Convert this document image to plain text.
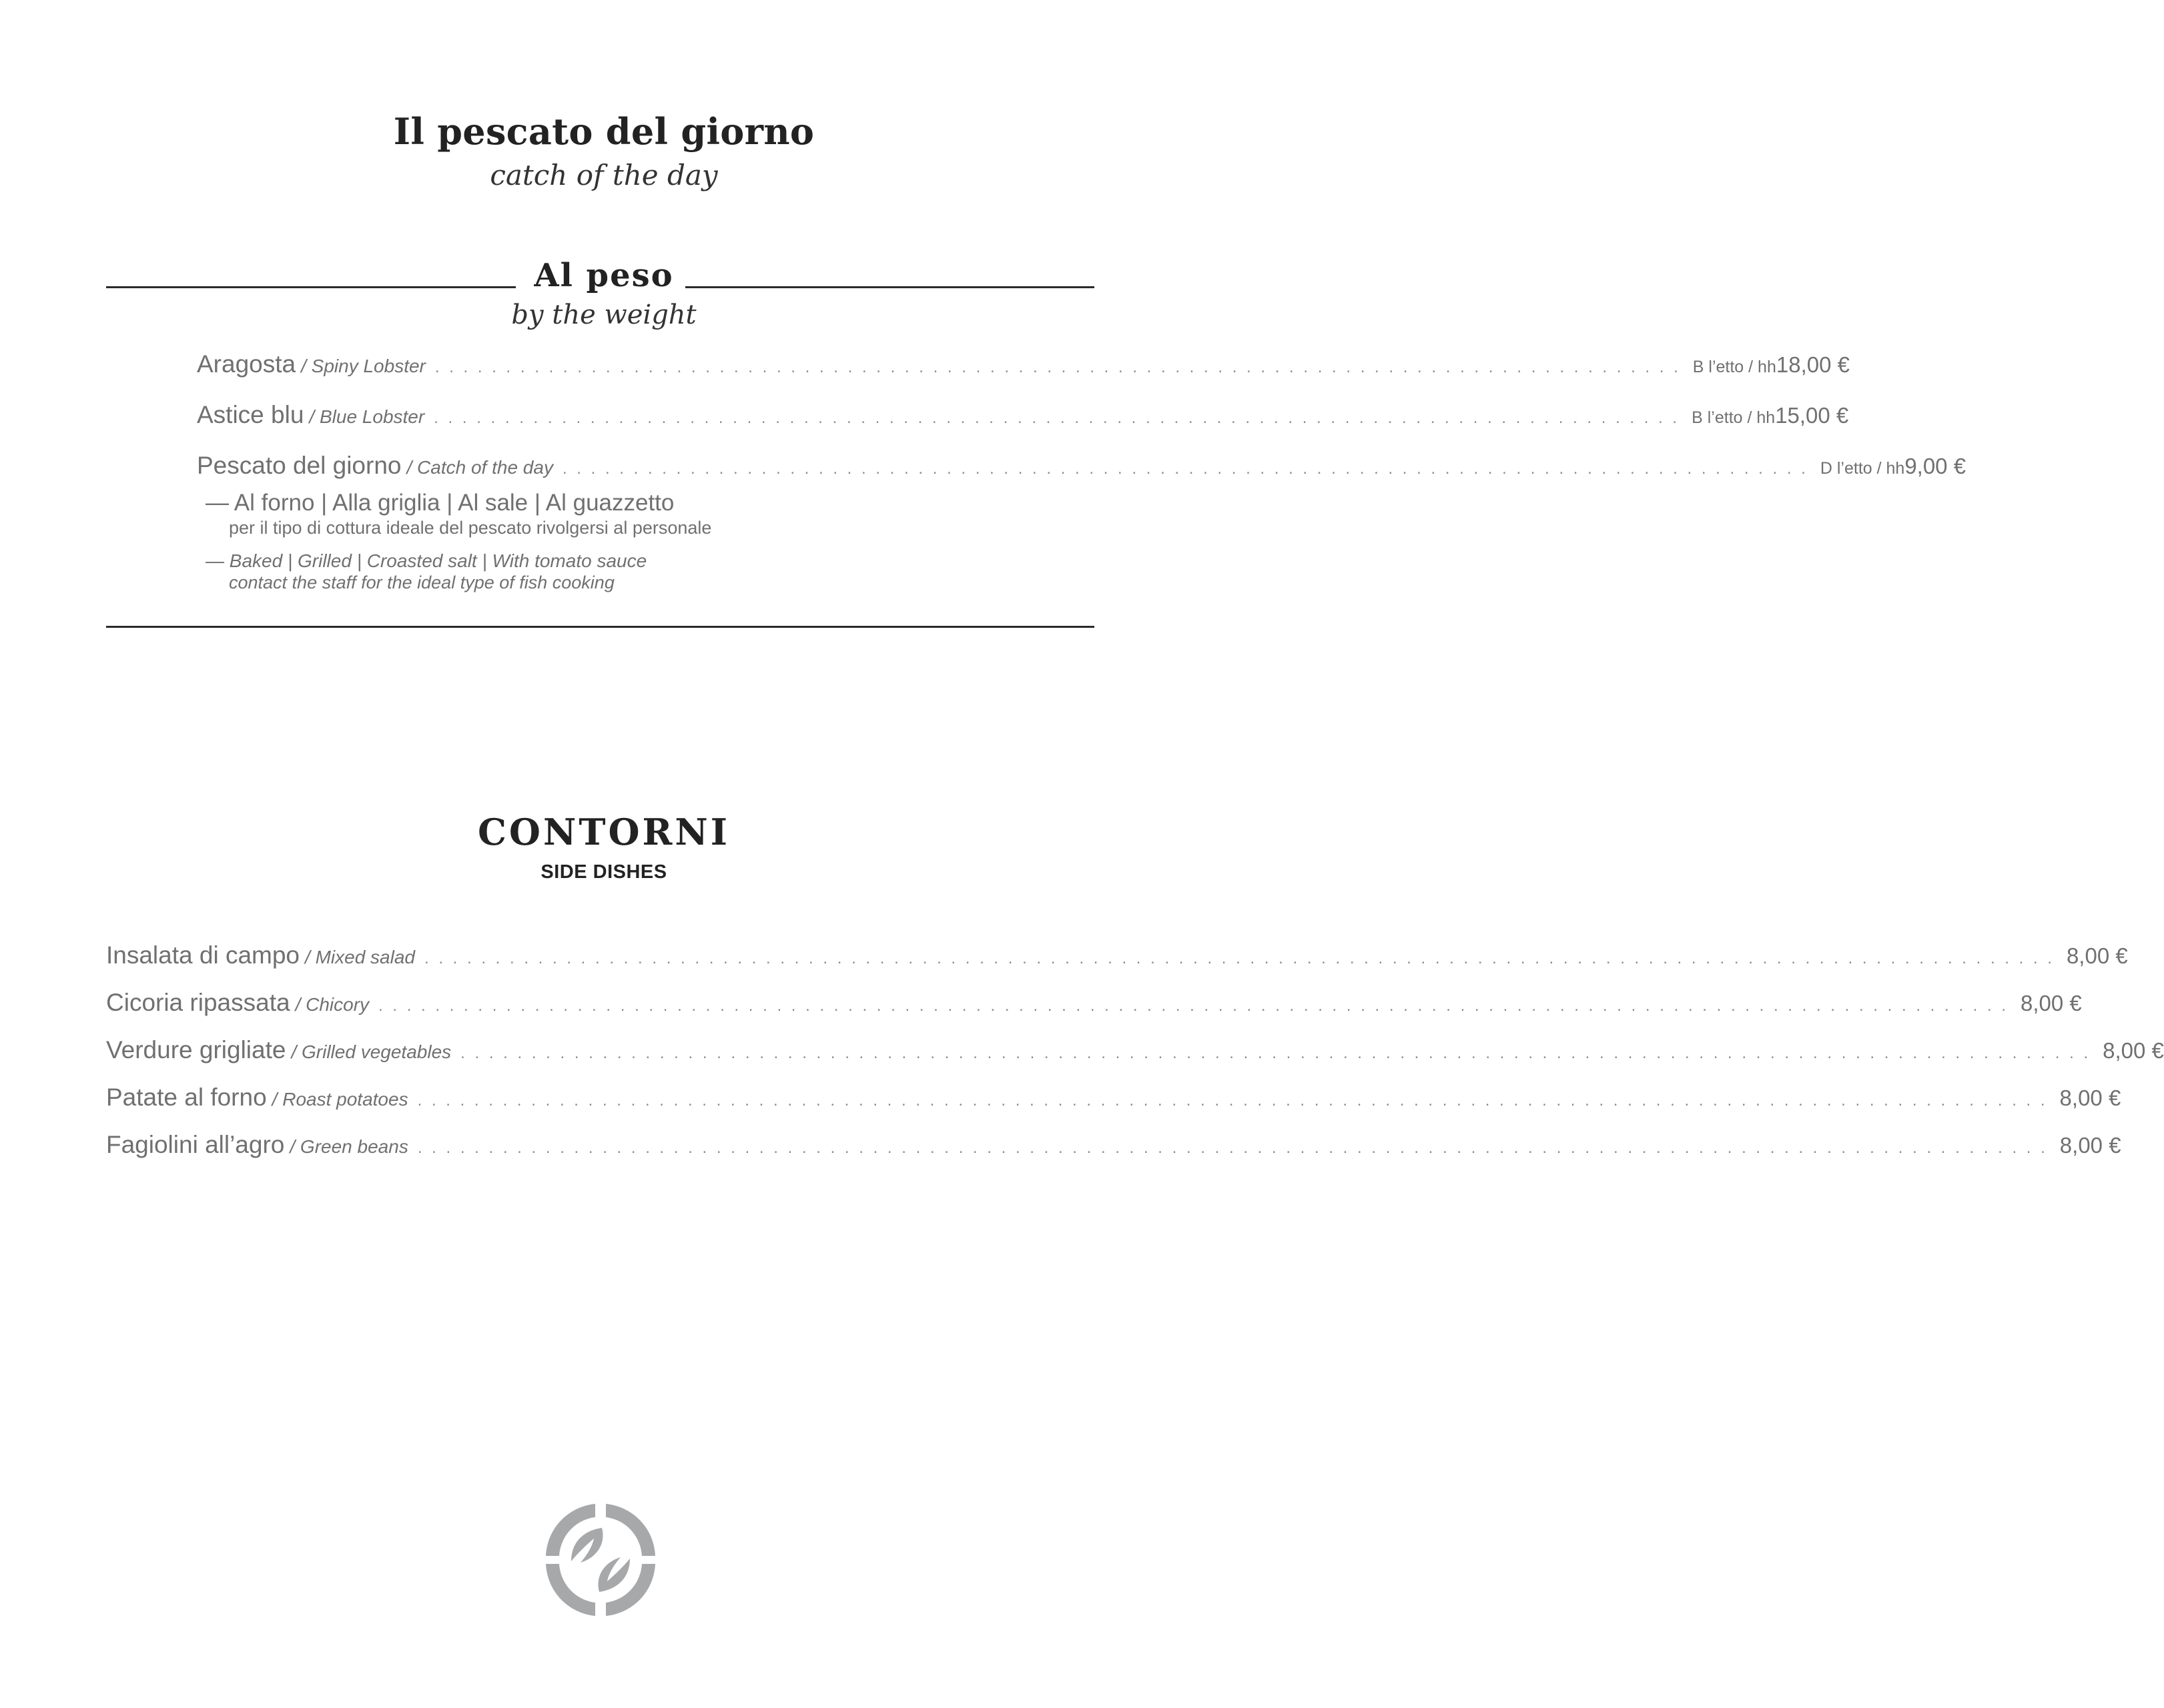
Il pescato del giorno
catch of the day
Al peso
by the weight
Aragosta / Spiny Lobster . . . . . . . . . . . . . . . . . . . . . . . . . . . . . . . . . . . . . . . . . . . . . . . . . . . . . . . . . . . . . . . . . . . . . . . . . . . . . . . . . . . . . . . . B l’etto / hh 18,00 €
Astice blu / Blue Lobster . . . . . . . . . . . . . . . . . . . . . . . . . . . . . . . . . . . . . . . . . . . . . . . . . . . . . . . . . . . . . . . . . . . . . . . . . . . . . . . . . . . . . . . . B l’etto / hh 15,00 €
Pescato del giorno / Catch of the day . . . . . . . . . . . . . . . . . . . . . . . . . . . . . . . . . . . . . . . . . . . . . . . . . . . . . . . . . . . . . . . . . . . . . . . . . . . . . . . . . . . . . . . . D l’etto / hh 9,00 €
— Al forno | Alla griglia | Al sale | Al guazzetto
per il tipo di cottura ideale del pescato rivolgersi al personale
— Baked | Grilled | Croasted salt | With tomato sauce
contact the staff for the ideal type of fish cooking
CONTORNI
SIDE DISHES
Insalata di campo / Mixed salad . . . . . . . . . . . . . . . . . . . . . . . . . . . . . . . . . . . . . . . . . . . . . . . . . . . . . . . . . . . . . . . . . . . . . . . . . . . . . . . . . . . . . . . . . . . . . . . . . . . . . . . . . . . . . . . . . . . 8,00 €
Cicoria ripassata / Chicory . . . . . . . . . . . . . . . . . . . . . . . . . . . . . . . . . . . . . . . . . . . . . . . . . . . . . . . . . . . . . . . . . . . . . . . . . . . . . . . . . . . . . . . . . . . . . . . . . . . . . . . . . . . . . . . . . . . 8,00 €
Verdure grigliate / Grilled vegetables . . . . . . . . . . . . . . . . . . . . . . . . . . . . . . . . . . . . . . . . . . . . . . . . . . . . . . . . . . . . . . . . . . . . . . . . . . . . . . . . . . . . . . . . . . . . . . . . . . . . . . . . . . . . . . . . . . . 8,00 €
Patate al forno / Roast potatoes . . . . . . . . . . . . . . . . . . . . . . . . . . . . . . . . . . . . . . . . . . . . . . . . . . . . . . . . . . . . . . . . . . . . . . . . . . . . . . . . . . . . . . . . . . . . . . . . . . . . . . . . . . . . . . . . . . . 8,00 €
Fagiolini all’agro / Green beans . . . . . . . . . . . . . . . . . . . . . . . . . . . . . . . . . . . . . . . . . . . . . . . . . . . . . . . . . . . . . . . . . . . . . . . . . . . . . . . . . . . . . . . . . . . . . . . . . . . . . . . . . . . . . . . . . . . 8,00 €
